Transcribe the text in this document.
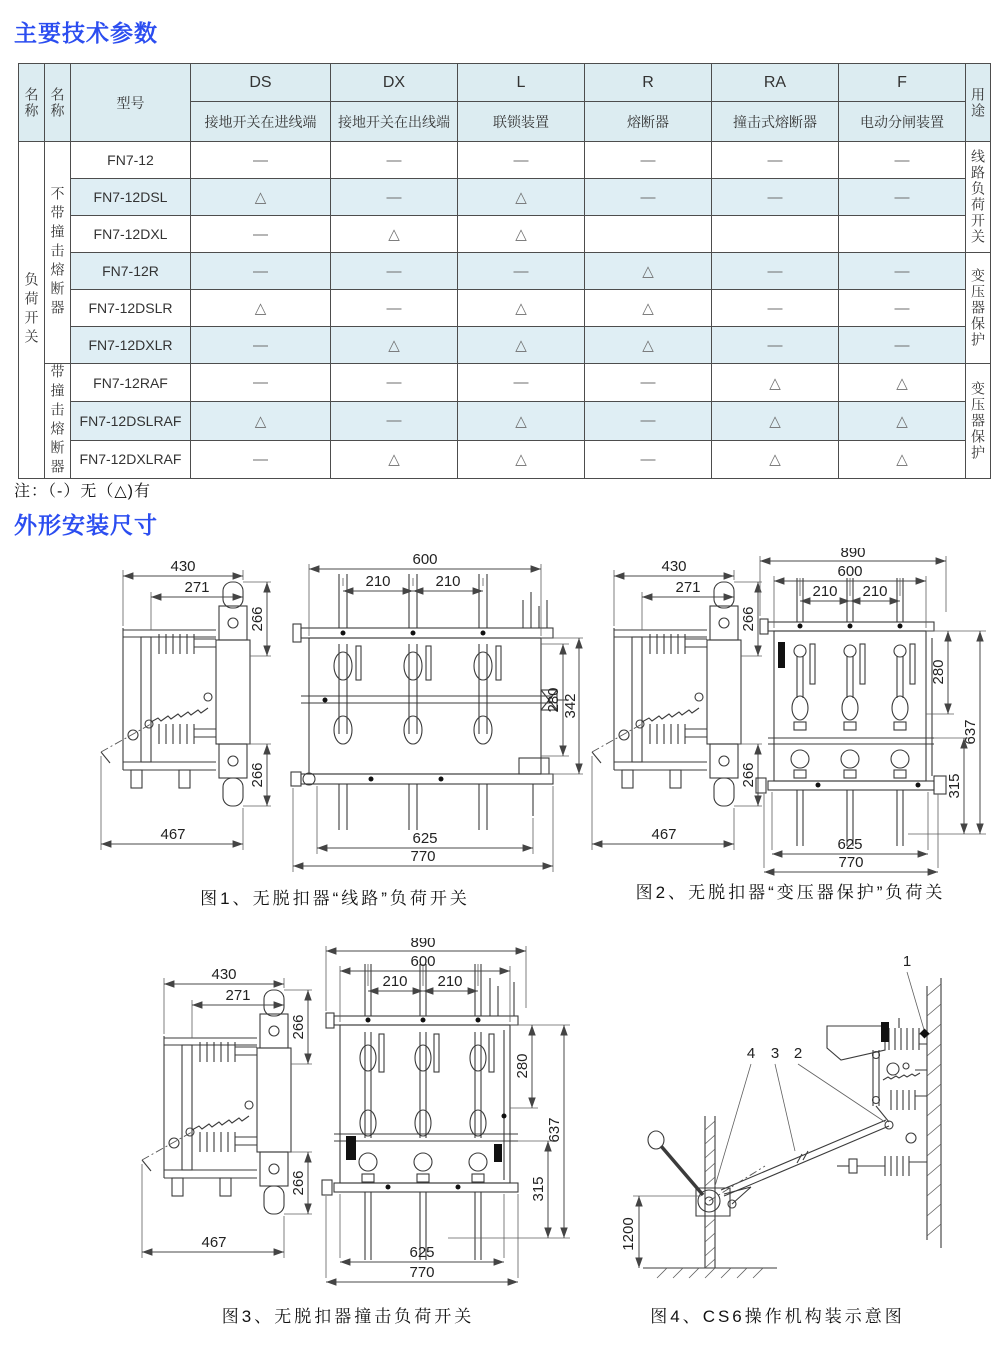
主要技术参数
名称	名称	型号	DS	DX	L	R	RA	F	用途
			接地开关在进线端	接地开关在出线端	联锁装置	熔断器	撞击式熔断器	电动分闸装置	
负荷开关	不带撞击熔断器	FN7-12	—	—	—	—	—	—	线路负荷开关
		FN7-12DSL	△	—	△	—	—	—	
		FN7-12DXL	—	△	△				
		FN7-12R	—	—	—	△	—	—	变压器保护
		FN7-12DSLR	△	—	△	△	—	—	
		FN7-12DXLR	—	△	△	△	—	—	
	带撞击熔断器	FN7-12RAF	—	—	—	—	△	△	变压器保护
		FN7-12DSLRAF	△	—	△	—	△	△	
		FN7-12DXLRAF	—	△	△	—	△	△	
注：（-）无（△)有
外形安装尺寸
430
271
266
266
467
600
210	210
280 342
625
770
430
271
266
266
467
890
600
210 210
280
315
637
625
770
430
271
266
266
467
890
600
210 210
280
315
637
625
770
1200
1
4 3 2
图1、无脱扣器“线路”负荷开关	图2、无脱扣器“变压器保护”负荷关
图3、无脱扣器撞击负荷开关	图4、CS6操作机构装示意图
